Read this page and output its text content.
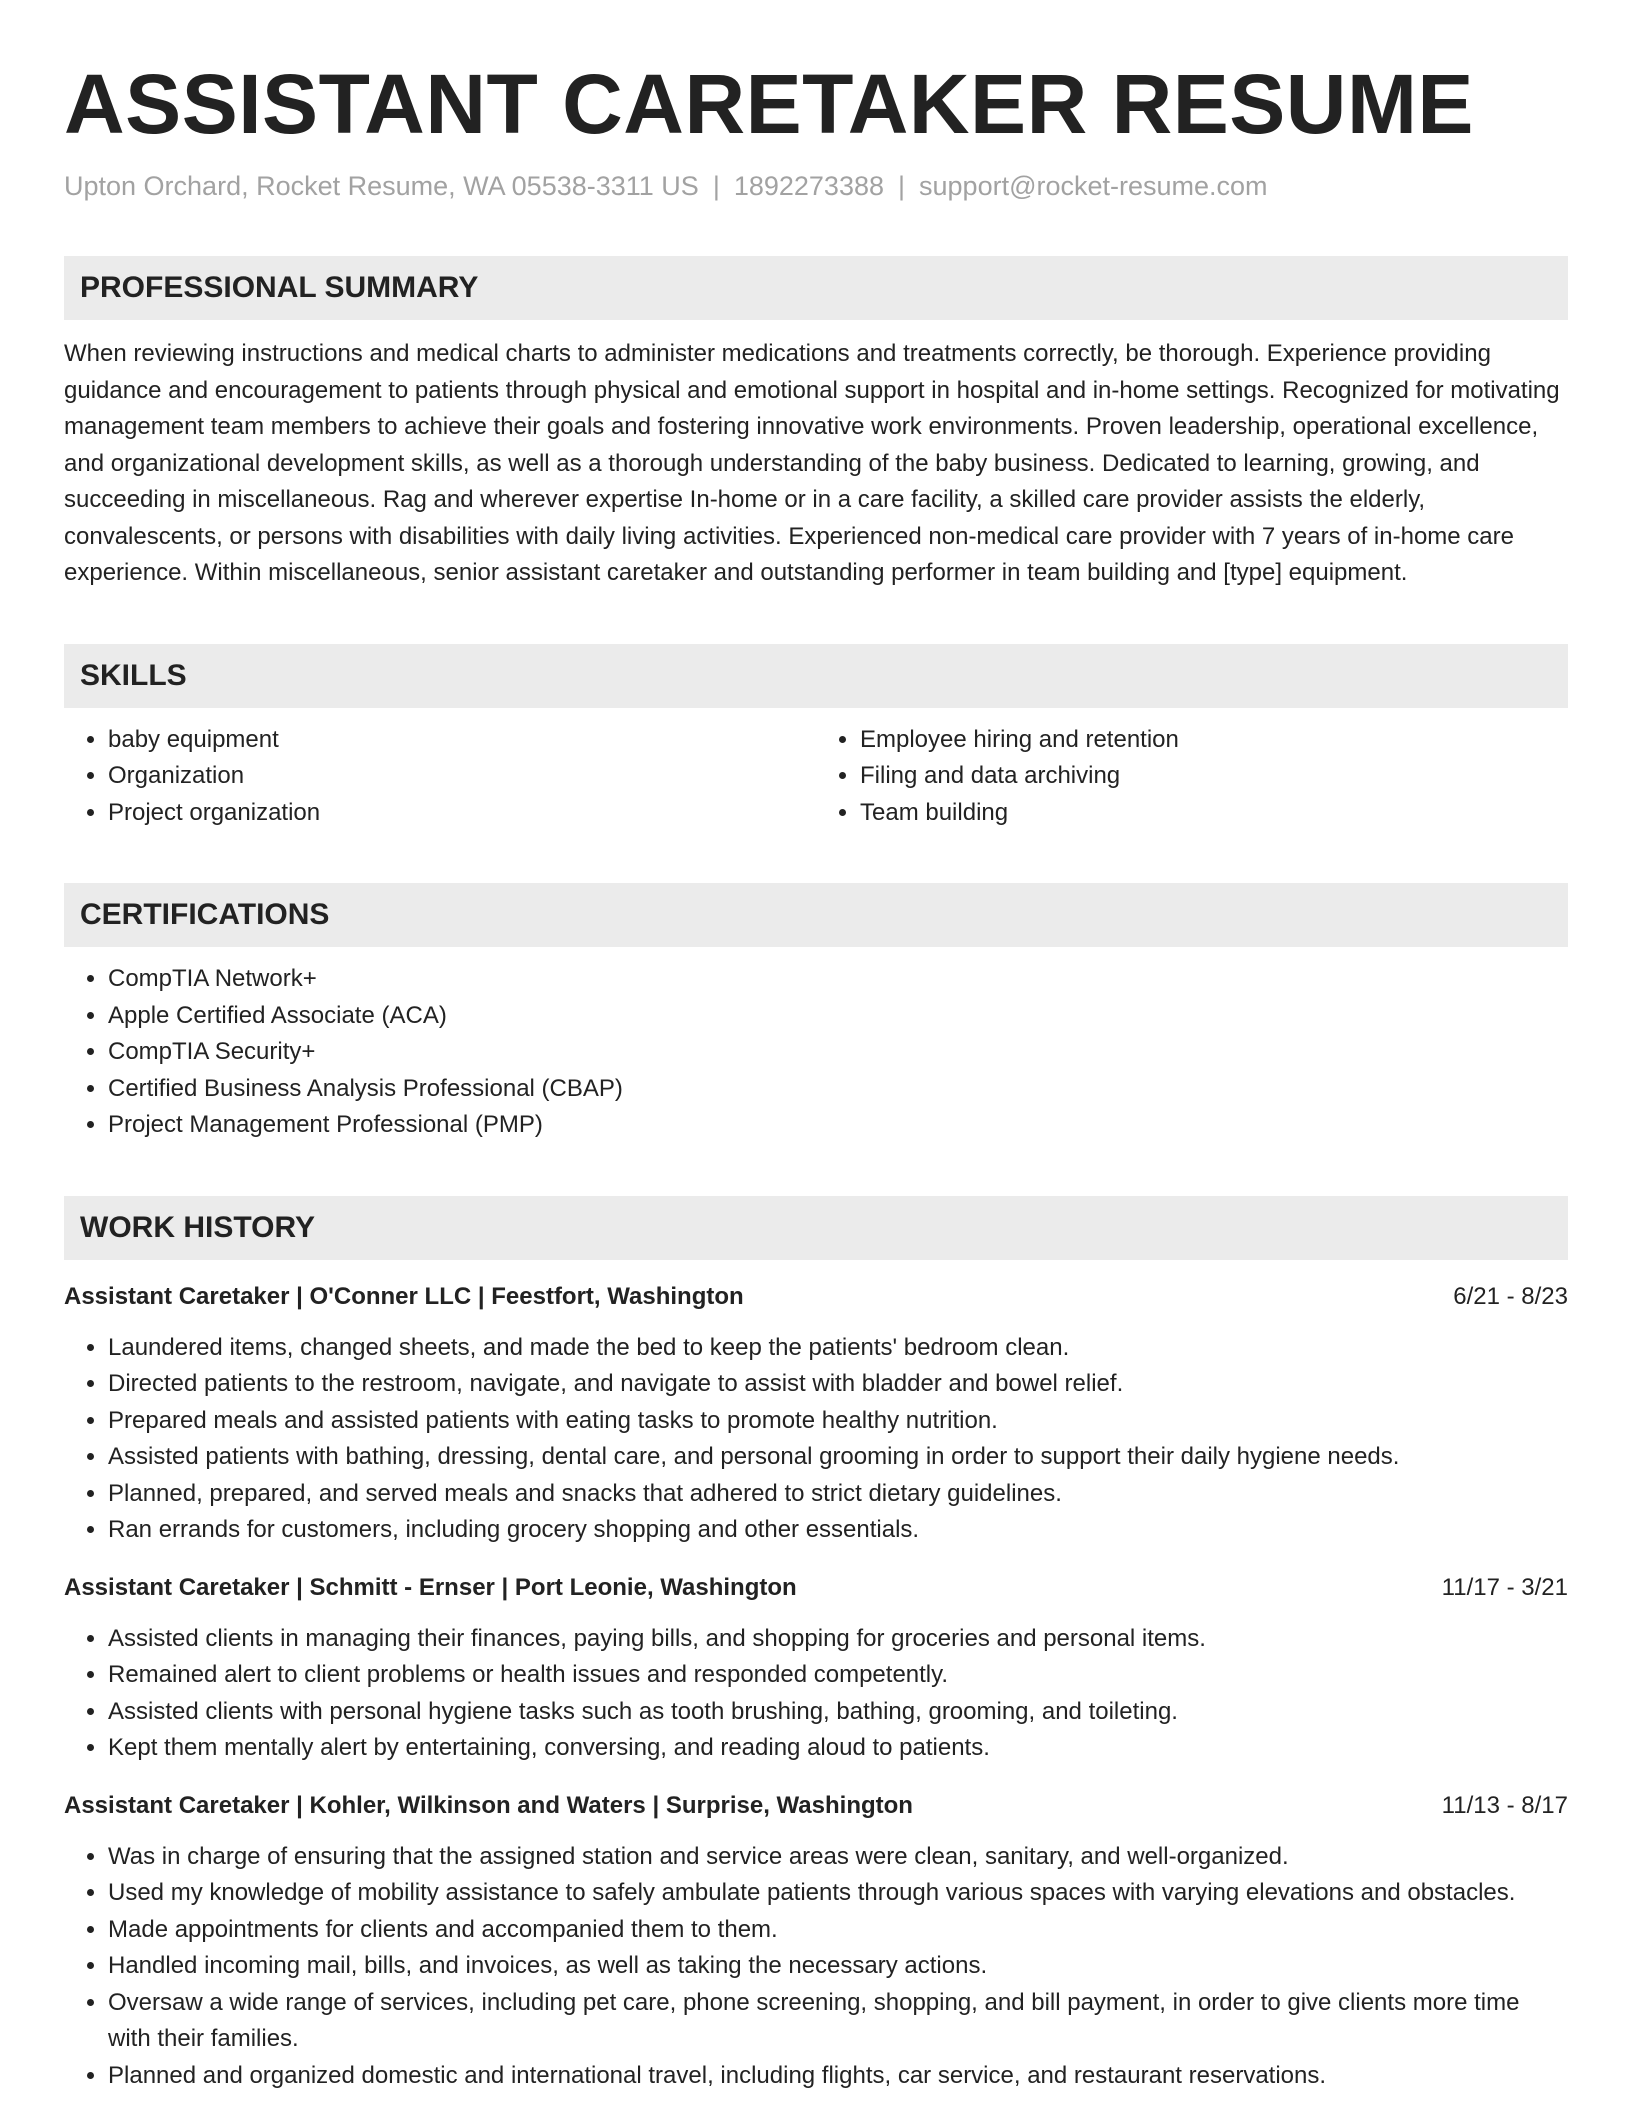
ASSISTANT CARETAKER RESUME
Upton Orchard, Rocket Resume, WA 05538-3311 US | 1892273388 | support@rocket-resume.com
PROFESSIONAL SUMMARY
When reviewing instructions and medical charts to administer medications and treatments correctly, be thorough. Experience providing guidance and encouragement to patients through physical and emotional support in hospital and in-home settings. Recognized for motivating management team members to achieve their goals and fostering innovative work environments. Proven leadership, operational excellence, and organizational development skills, as well as a thorough understanding of the baby business. Dedicated to learning, growing, and succeeding in miscellaneous. Rag and wherever expertise In-home or in a care facility, a skilled care provider assists the elderly, convalescents, or persons with disabilities with daily living activities. Experienced non-medical care provider with 7 years of in-home care experience. Within miscellaneous, senior assistant caretaker and outstanding performer in team building and [type] equipment.
SKILLS
• baby equipment
• Organization
• Project organization
• Employee hiring and retention
• Filing and data archiving
• Team building
CERTIFICATIONS
• CompTIA Network+
• Apple Certified Associate (ACA)
• CompTIA Security+
• Certified Business Analysis Professional (CBAP)
• Project Management Professional (PMP)
WORK HISTORY
Assistant Caretaker | O'Conner LLC | Feestfort, Washington	6/21 - 8/23
• Laundered items, changed sheets, and made the bed to keep the patients' bedroom clean.
• Directed patients to the restroom, navigate, and navigate to assist with bladder and bowel relief.
• Prepared meals and assisted patients with eating tasks to promote healthy nutrition.
• Assisted patients with bathing, dressing, dental care, and personal grooming in order to support their daily hygiene needs.
• Planned, prepared, and served meals and snacks that adhered to strict dietary guidelines.
• Ran errands for customers, including grocery shopping and other essentials.
Assistant Caretaker | Schmitt - Ernser | Port Leonie, Washington	11/17 - 3/21
• Assisted clients in managing their finances, paying bills, and shopping for groceries and personal items.
• Remained alert to client problems or health issues and responded competently.
• Assisted clients with personal hygiene tasks such as tooth brushing, bathing, grooming, and toileting.
• Kept them mentally alert by entertaining, conversing, and reading aloud to patients.
Assistant Caretaker | Kohler, Wilkinson and Waters | Surprise, Washington	11/13 - 8/17
• Was in charge of ensuring that the assigned station and service areas were clean, sanitary, and well-organized.
• Used my knowledge of mobility assistance to safely ambulate patients through various spaces with varying elevations and obstacles.
• Made appointments for clients and accompanied them to them.
• Handled incoming mail, bills, and invoices, as well as taking the necessary actions.
• Oversaw a wide range of services, including pet care, phone screening, shopping, and bill payment, in order to give clients more time with their families.
• Planned and organized domestic and international travel, including flights, car service, and restaurant reservations.
